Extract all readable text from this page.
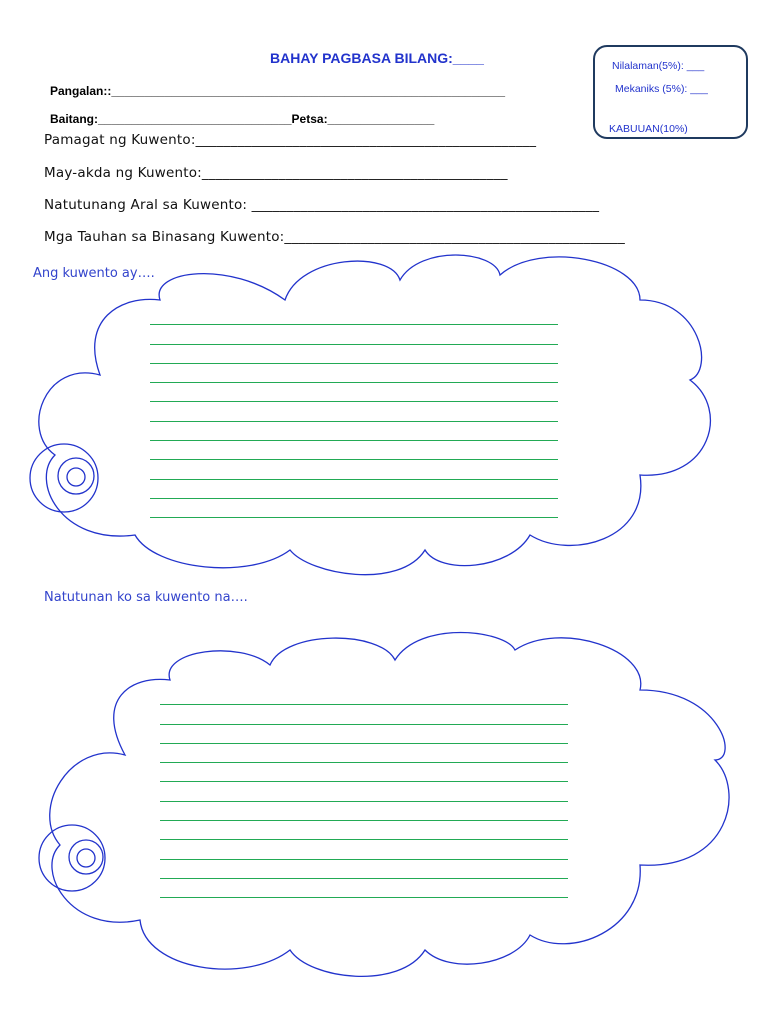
BAHAY PAGBASA BILANG:____	Nilalaman(5%): ___
Mekaniks (5%): ___
KABUUAN(10%)
Pangalan::___________________________________________________________
Baitang:_____________________________Petsa:________________
Pamagat ng Kuwento:_________________________________________________
May-akda ng Kuwento:____________________________________________
Natutunang Aral sa Kuwento: __________________________________________________
Mga Tauhan sa Binasang Kuwento:_________________________________________________
Ang kuwento ay….
Natutunan ko sa kuwento na….
